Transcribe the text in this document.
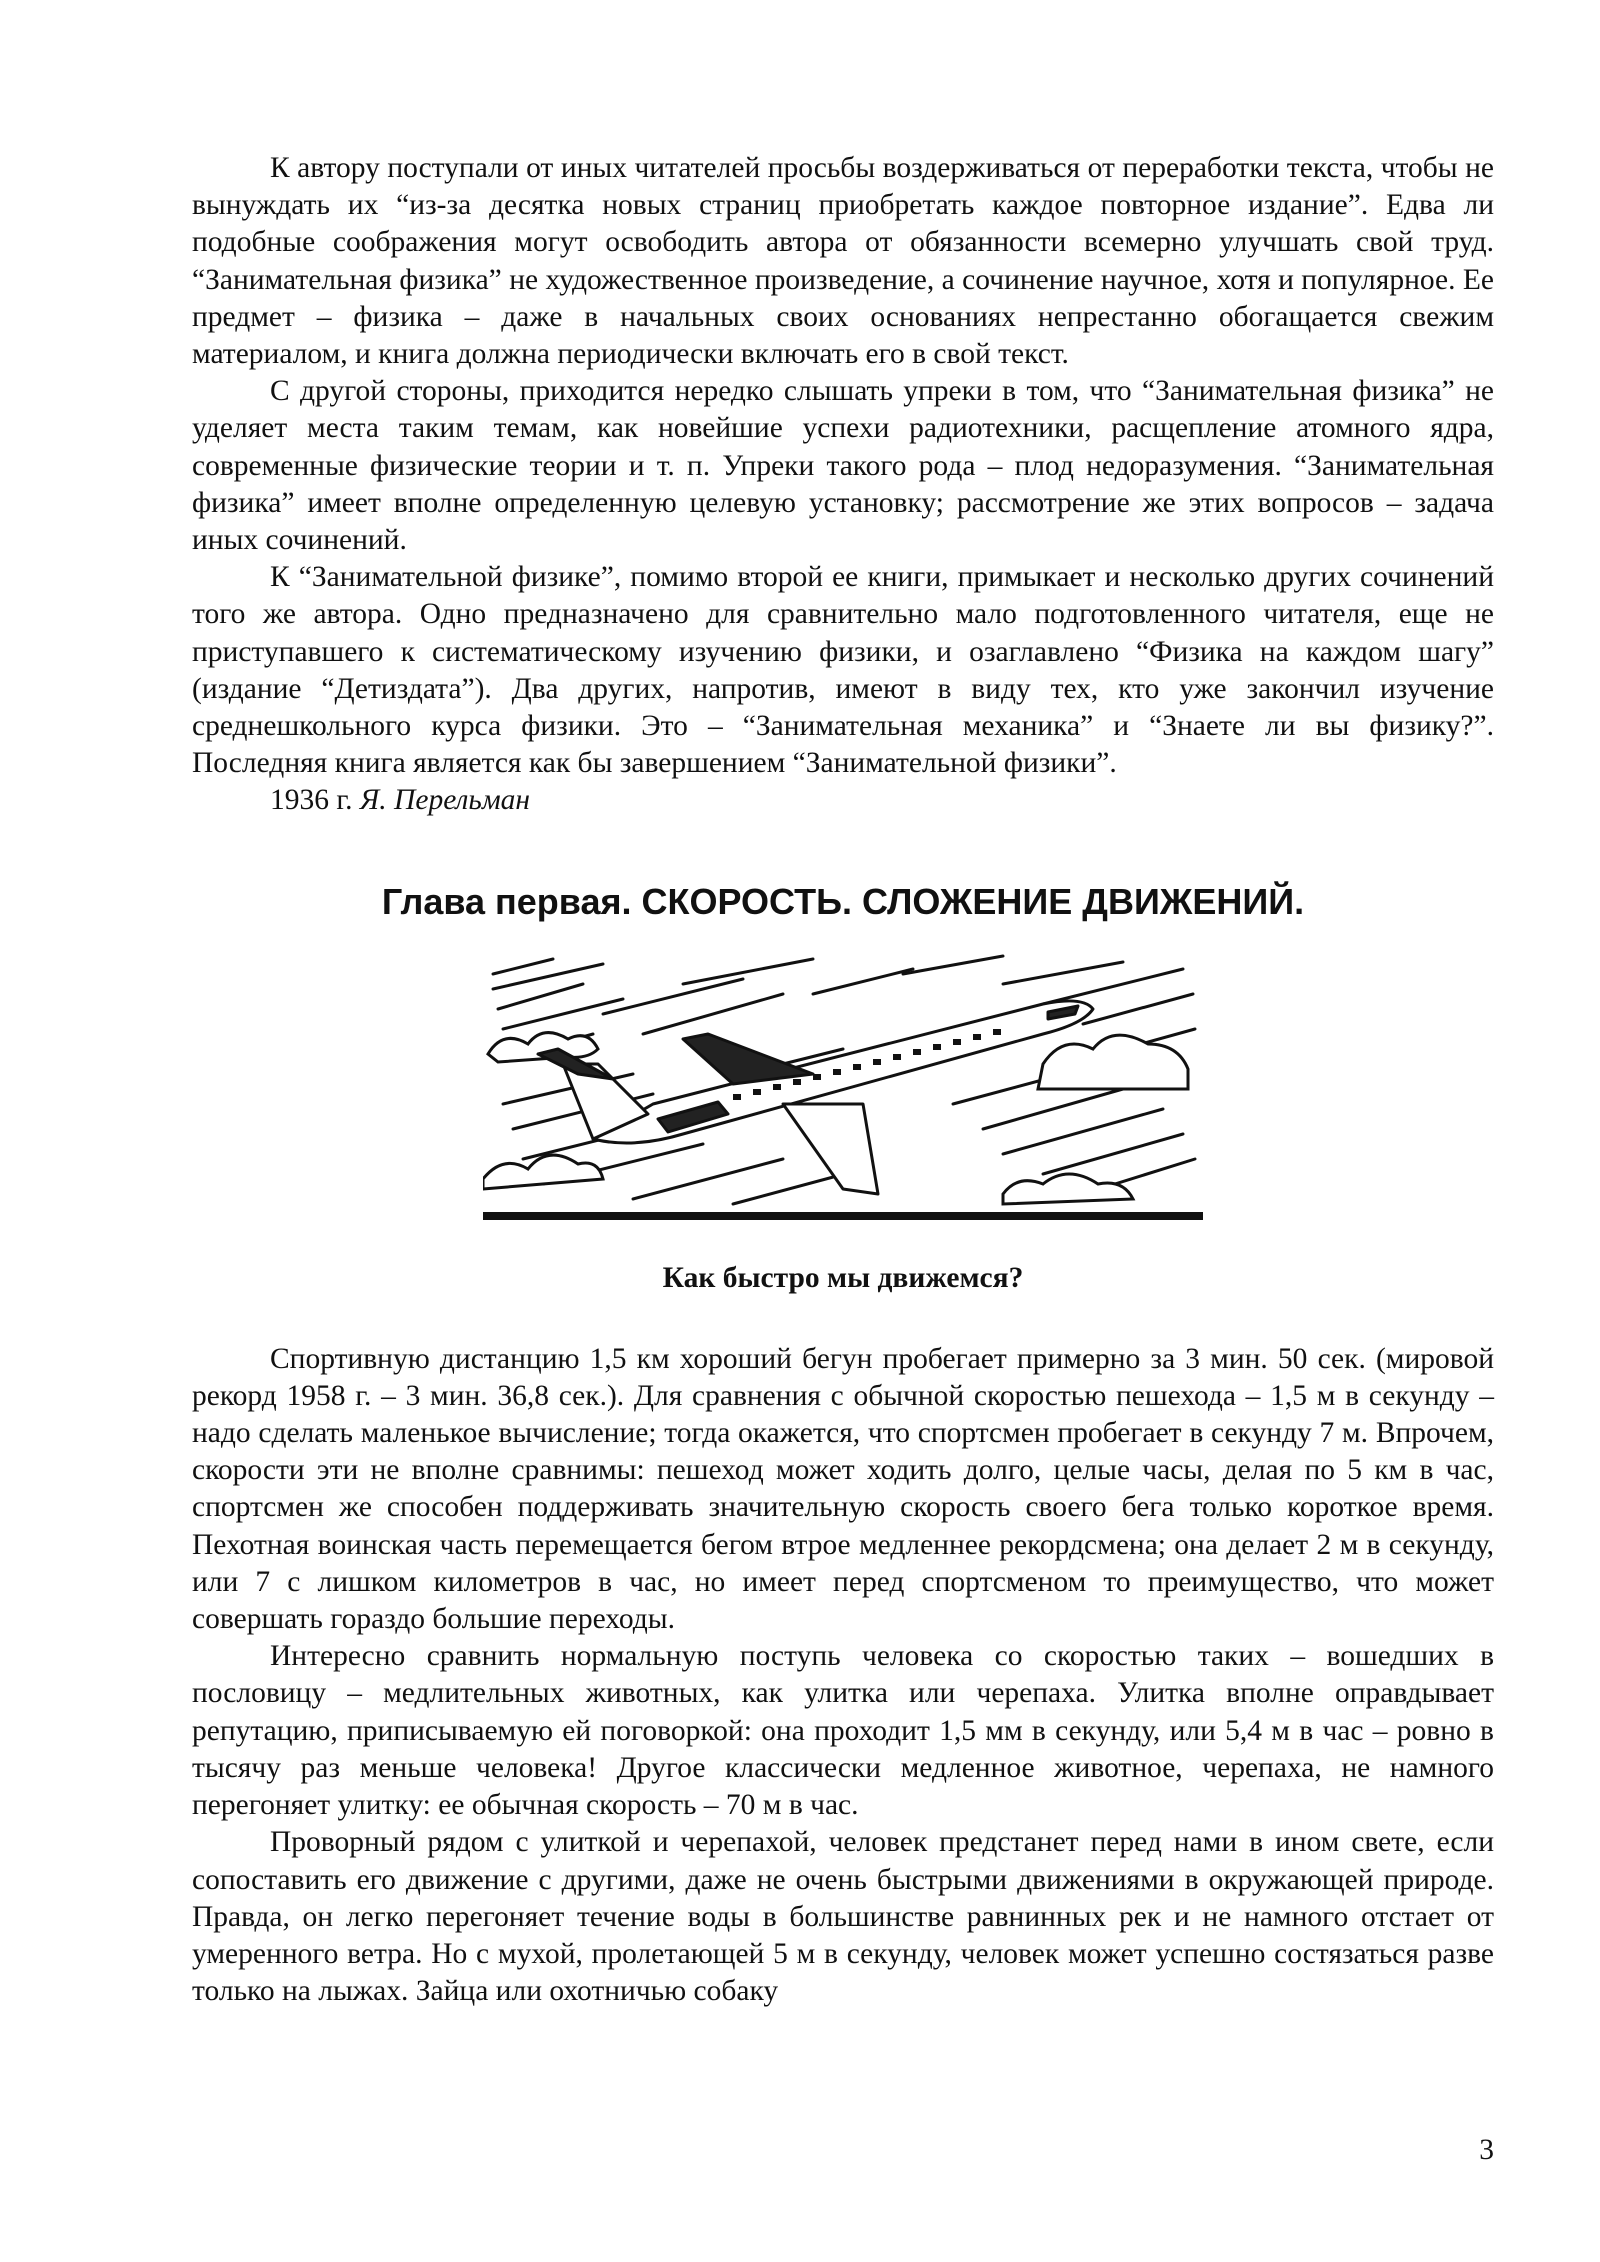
К автору поступали от иных читателей просьбы воздерживаться от переработки текста, чтобы не вынуждать их “из-за десятка новых страниц приобретать каждое повторное издание”. Едва ли подобные соображения могут освободить автора от обязанности всемерно улучшать свой труд. “Занимательная физика” не художественное произведение, а сочинение научное, хотя и популярное. Ее предмет – физика – даже в начальных своих основаниях непрестанно обогащается свежим материалом, и книга должна периодически включать его в свой текст.

С другой стороны, приходится нередко слышать упреки в том, что “Занимательная физика” не уделяет места таким темам, как новейшие успехи радиотехники, расщепление атомного ядра, современные физические теории и т. п. Упреки такого рода – плод недоразумения. “Занимательная физика” имеет вполне определенную целевую установку; рассмотрение же этих вопросов – задача иных сочинений.

К “Занимательной физике”, помимо второй ее книги, примыкает и несколько других сочинений того же автора. Одно предназначено для сравнительно мало подготовленного читателя, еще не приступавшего к систематическому изучению физики, и озаглавлено “Физика на каждом шагу” (издание “Детиздата”). Два других, напротив, имеют в виду тех, кто уже закончил изучение среднешкольного курса физики. Это – “Занимательная механика” и “Знаете ли вы физику?”. Последняя книга является как бы завершением “Занимательной физики”.

1936 г. Я. Перельман

Глава первая. СКОРОСТЬ. СЛОЖЕНИЕ ДВИЖЕНИЙ.
Как быстро мы движемся?

Спортивную дистанцию 1,5 км хороший бегун пробегает примерно за 3 мин. 50 сек. (мировой рекорд 1958 г. – 3 мин. 36,8 сек.). Для сравнения с обычной скоростью пешехода – 1,5 м в секунду – надо сделать маленькое вычисление; тогда окажется, что спортсмен пробегает в секунду 7 м. Впрочем, скорости эти не вполне сравнимы: пешеход может ходить долго, целые часы, делая по 5 км в час, спортсмен же способен поддерживать значительную скорость своего бега только короткое время. Пехотная воинская часть перемещается бегом втрое медленнее рекордсмена; она делает 2 м в секунду, или 7 с лишком километров в час, но имеет перед спортсменом то преимущество, что может совершать гораздо большие переходы.

Интересно сравнить нормальную поступь человека со скоростью таких – вошедших в пословицу – медлительных животных, как улитка или черепаха. Улитка вполне оправдывает репутацию, приписываемую ей поговоркой: она проходит 1,5 мм в секунду, или 5,4 м в час – ровно в тысячу раз меньше человека! Другое классически медленное животное, черепаха, не намного перегоняет улитку: ее обычная скорость – 70 м в час.

Проворный рядом с улиткой и черепахой, человек предстанет перед нами в ином свете, если сопоставить его движение с другими, даже не очень быстрыми движениями в окружающей природе. Правда, он легко перегоняет течение воды в большинстве равнинных рек и не намного отстает от умеренного ветра. Но с мухой, пролетающей 5 м в секунду, человек может успешно состязаться разве только на лыжах. Зайца или охотничью собаку

3
